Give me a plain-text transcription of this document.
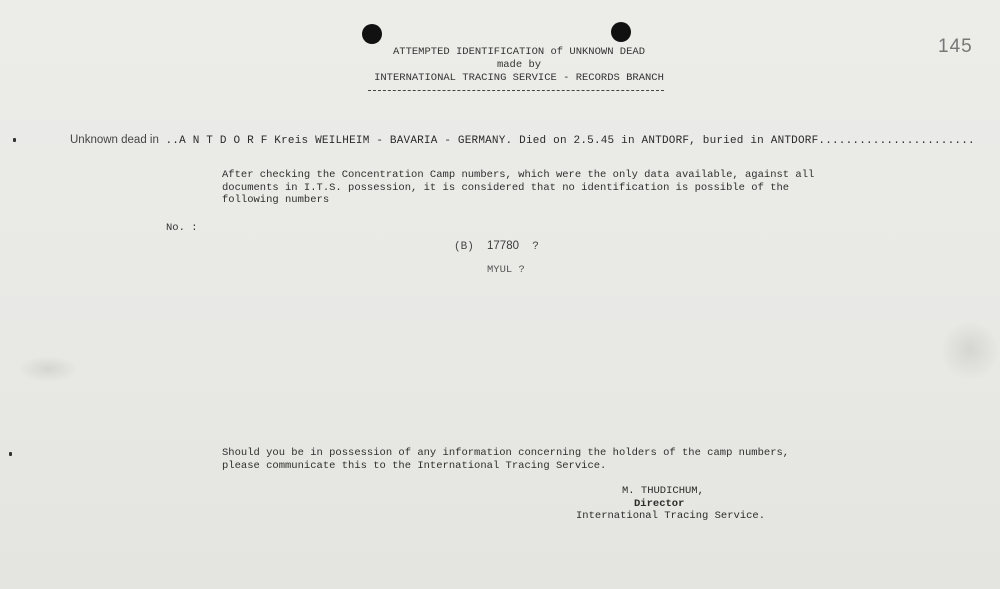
145
ATTEMPTED IDENTIFICATION of UNKNOWN DEAD
made by
INTERNATIONAL TRACING SERVICE - RECORDS BRANCH
Unknown dead in ..A N T D O R F Kreis WEILHEIM - BAVARIA - GERMANY. Died on 2.5.45 in ANTDORF, buried in ANTDORF.......................
After checking the Concentration Camp numbers, which were the only data available, against all
documents in I.T.S. possession, it is considered that no identification is possible of the
following numbers
No. :
(B) 17780 ?
MYUL ?
Should you be in possession of any information concerning the holders of the camp numbers,
please communicate this to the International Tracing Service.
M. THUDICHUM,
Director
International Tracing Service.
